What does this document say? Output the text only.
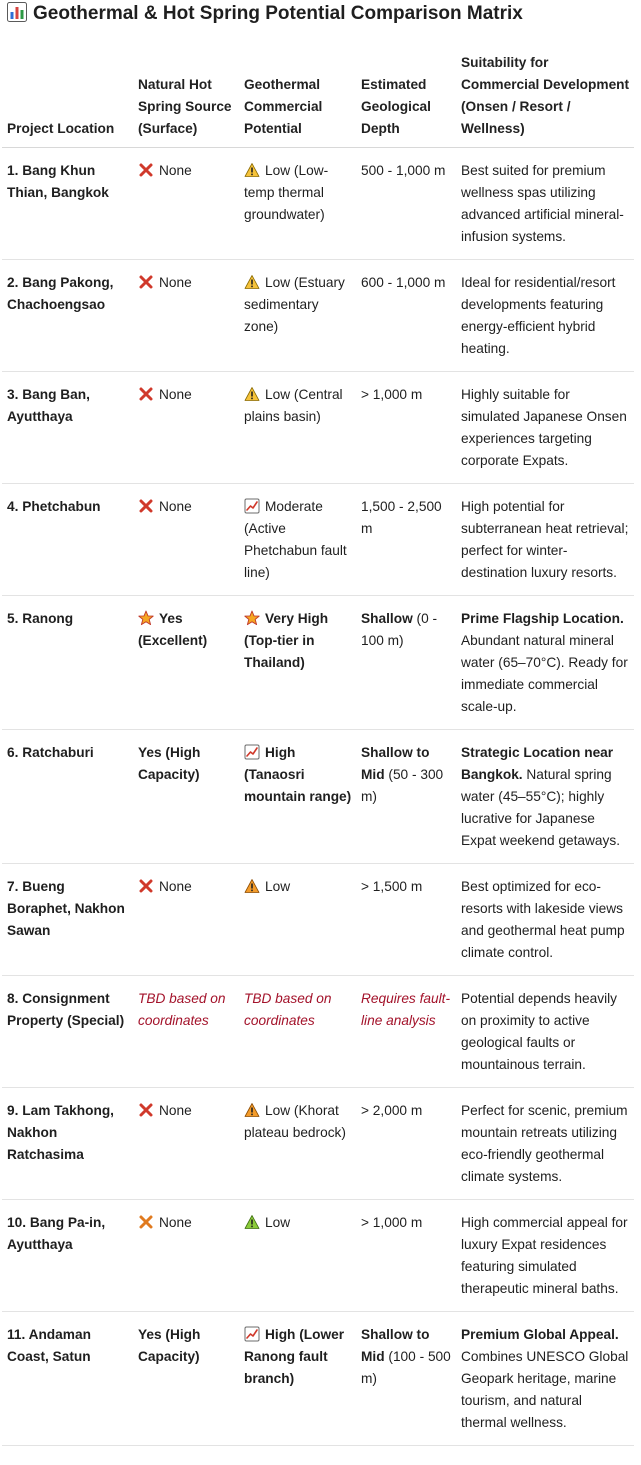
Geothermal & Hot Spring Potential Comparison Matrix
Project Location	Natural Hot Spring Source (Surface)	Geothermal Commercial Potential	Estimated Geological Depth	Suitability for Commercial Development (Onsen / Resort / Wellness)
1. Bang Khun Thian, Bangkok	None	Low (Low-temp thermal groundwater)	500 - 1,000 m	Best suited for premium wellness spas utilizing advanced artificial mineral-infusion systems.
2. Bang Pakong, Chachoengsao	None	Low (Estuary sedimentary zone)	600 - 1,000 m	Ideal for residential/resort developments featuring energy-efficient hybrid heating.
3. Bang Ban, Ayutthaya	None	Low (Central plains basin)	> 1,000 m	Highly suitable for simulated Japanese Onsen experiences targeting corporate Expats.
4. Phetchabun	None	Moderate (Active Phetchabun fault line)	1,500 - 2,500 m	High potential for subterranean heat retrieval; perfect for winter-destination luxury resorts.
5. Ranong	Yes (Excellent)	Very High (Top-tier in Thailand)	Shallow (0 - 100 m)	Prime Flagship Location. Abundant natural mineral water (65–70°C). Ready for immediate commercial scale-up.
6. Ratchaburi	Yes (High Capacity)	High (Tanaosri mountain range)	Shallow to Mid (50 - 300 m)	Strategic Location near Bangkok. Natural spring water (45–55°C); highly lucrative for Japanese Expat weekend getaways.
7. Bueng Boraphet, Nakhon Sawan	None	Low	> 1,500 m	Best optimized for eco-resorts with lakeside views and geothermal heat pump climate control.
8. Consignment Property (Special)	TBD based on coordinates	TBD based on coordinates	Requires fault-line analysis	Potential depends heavily on proximity to active geological faults or mountainous terrain.
9. Lam Takhong, Nakhon Ratchasima	None	Low (Khorat plateau bedrock)	> 2,000 m	Perfect for scenic, premium mountain retreats utilizing eco-friendly geothermal climate systems.
10. Bang Pa-in, Ayutthaya	None	Low	> 1,000 m	High commercial appeal for luxury Expat residences featuring simulated therapeutic mineral baths.
11. Andaman Coast, Satun	Yes (High Capacity)	High (Lower Ranong fault branch)	Shallow to Mid (100 - 500 m)	Premium Global Appeal. Combines UNESCO Global Geopark heritage, marine tourism, and natural thermal wellness.
